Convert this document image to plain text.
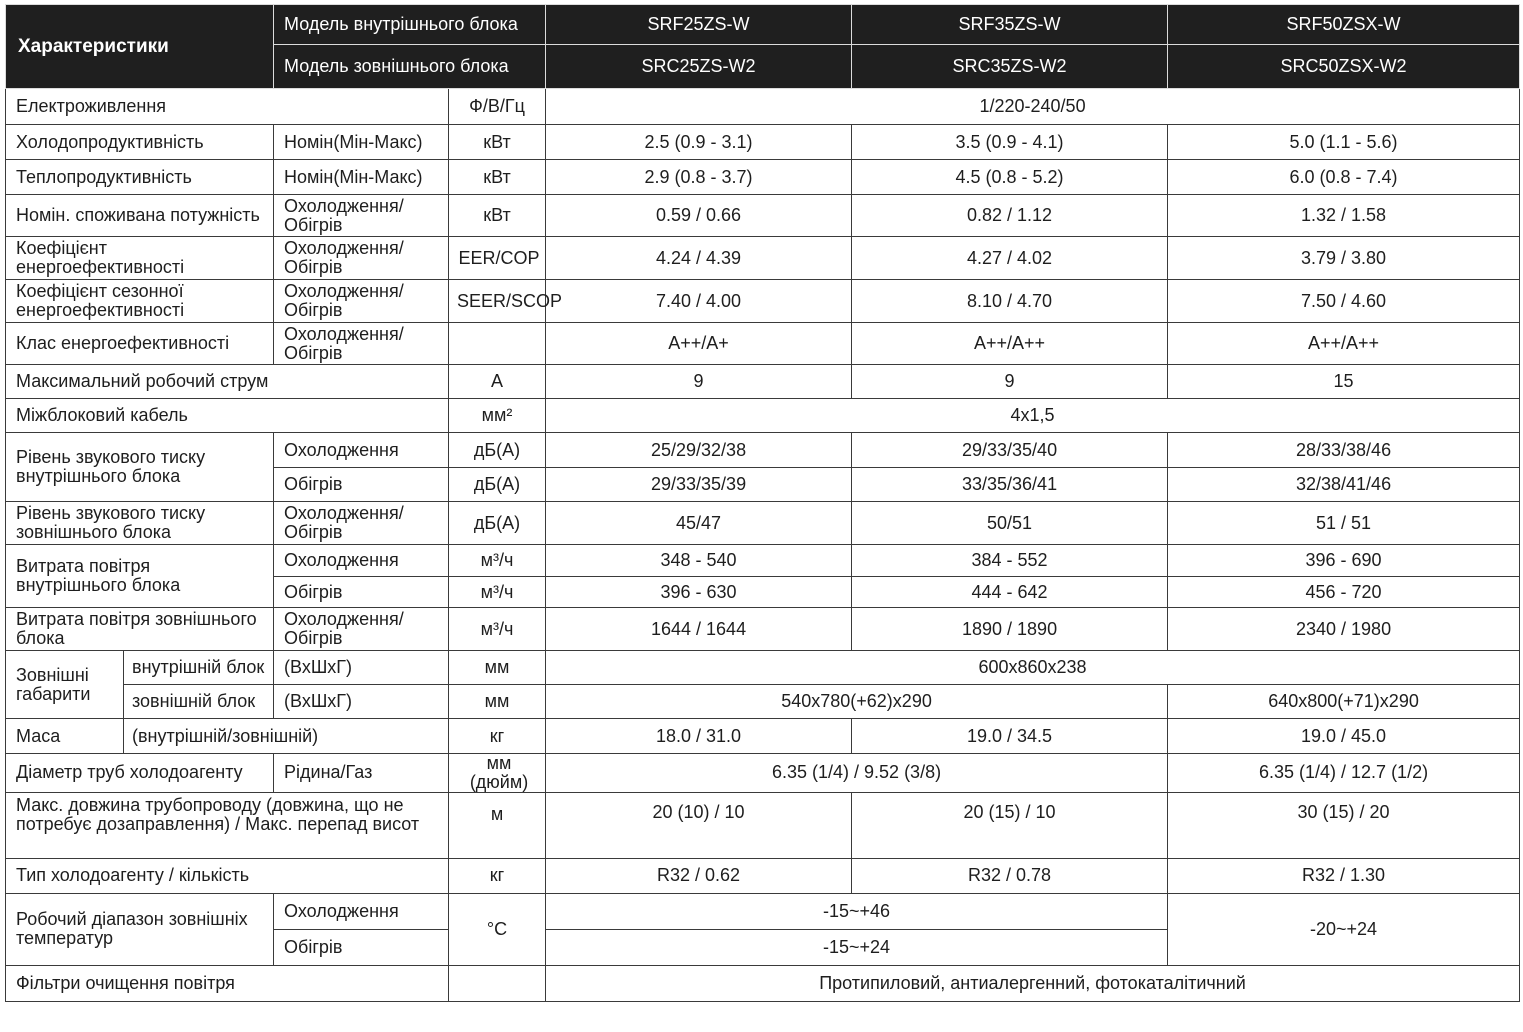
Характеристики		Модель внутрішнього блока		SRF25ZS-W	SRF35ZS-W	SRF50ZSX-W
		Модель зовнішнього блока		SRC25ZS-W2	SRC35ZS-W2	SRC50ZSX-W2
Електроживлення			Ф/В/Гц	1/220-240/50		
Холодопродуктивність		Номін(Мін-Макс)	кВт	2.5 (0.9 - 3.1)	3.5 (0.9 - 4.1)	5.0 (1.1 - 5.6)
Теплопродуктивність		Номін(Мін-Макс)	кВт	2.9 (0.8 - 3.7)	4.5 (0.8 - 5.2)	6.0 (0.8 - 7.4)
Номін. споживана потужність		Охолодження/ Обігрів	кВт	0.59 / 0.66	0.82 / 1.12	1.32 / 1.58
Коефіцієнт енергоефективності		Охолодження/ Обігрів	EER/COP	4.24 / 4.39	4.27 / 4.02	3.79 / 3.80
Коефіцієнт сезонної енергоефективності		Охолодження/ Обігрів	SEER/SCOP	7.40 / 4.00	8.10 / 4.70	7.50 / 4.60
Клас енергоефективності		Охолодження/ Обігрів		A++/A+	A++/A++	A++/A++
Максимальний робочий струм			А	9	9	15
Міжблоковий кабель			мм²	4x1,5		
Рівень звукового тиску внутрішнього блока		Охолодження	дБ(А)	25/29/32/38	29/33/35/40	28/33/38/46
		Обігрів	дБ(А)	29/33/35/39	33/35/36/41	32/38/41/46
Рівень звукового тиску зовнішнього блока		Охолодження/ Обігрів	дБ(А)	45/47	50/51	51 / 51
Витрата повітря внутрішнього блока		Охолодження	м³/ч	348 - 540	384 - 552	396 - 690
		Обігрів	м³/ч	396 - 630	444 - 642	456 - 720
Витрата повітря зовнішнього блока		Охолодження/ Обігрів	м³/ч	1644 / 1644	1890 / 1890	2340 / 1980
Зовнішні габарити	внутрішній блок	(ВхШхГ)	мм	600x860x238		
	зовнішній блок	(ВхШхГ)	мм	540x780(+62)x290		640x800(+71)x290
Маса	(внутрішній/зовнішній)		кг	18.0 / 31.0	19.0 / 34.5	19.0 / 45.0
Діаметр труб холодоагенту		Рідина/Газ	мм (дюйм)	6.35 (1/4) / 9.52 (3/8)		6.35 (1/4) / 12.7 (1/2)
Макс. довжина трубопроводу (довжина, що не потребує дозаправлення) / Макс. перепад висот			м	20 (10) / 10	20 (15) / 10	30 (15) / 20
Тип холодоагенту / кількість			кг	R32 / 0.62	R32 / 0.78	R32 / 1.30
Робочий діапазон зовнішніх температур		Охолодження	°С	-15~+46		-20~+24
		Обігрів		-15~+24		
Фільтри очищення повітря				Протипиловий, антиалергенний, фотокаталітичний		
